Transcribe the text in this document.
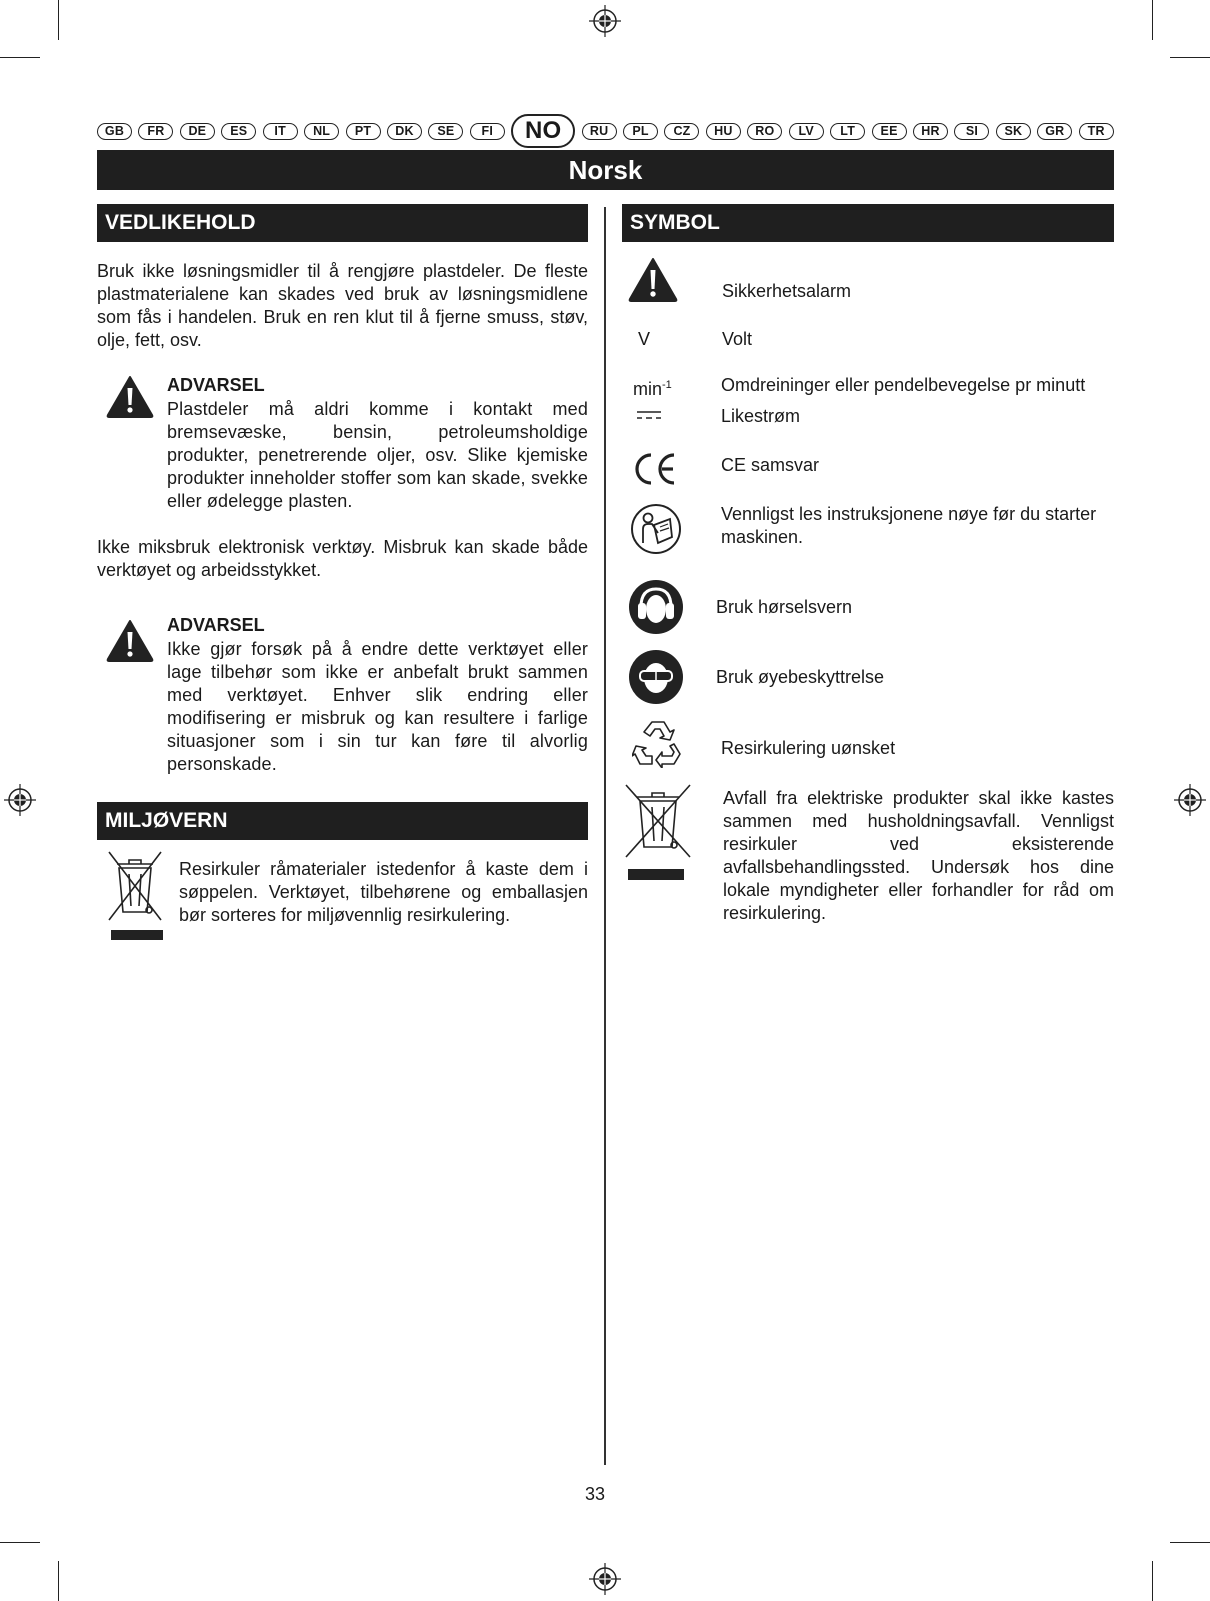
GB	FR	DE	ES	IT	NL	PT	DK	SE	FI	NO	RU	PL	CZ	HU	RO	LV	LT	EE	HR	SI	SK	GR	TR
Norsk
VEDLIKEHOLD

Bruk ikke løsningsmidler til å rengjøre plastdeler. De fleste plastmaterialene kan skades ved bruk av løsningsmidlene som fås i handelen. Bruk en ren klut til å fjerne smuss, støv, olje, fett, osv.

ADVARSEL

Plastdeler må aldri komme i kontakt med bremsevæske, bensin, petroleumsholdige produkter, penetrerende oljer, osv. Slike kjemiske produkter inneholder stoffer som kan skade, svekke eller ødelegge plasten.

Ikke miksbruk elektronisk verktøy. Misbruk kan skade både verktøyet og arbeidsstykket.

ADVARSEL

Ikke gjør forsøk på å endre dette verktøyet eller lage tilbehør som ikke er anbefalt brukt sammen med verktøyet. Enhver slik endring eller modifisering er misbruk og kan resultere i farlige situasjoner som i sin tur kan føre til alvorlig personskade.

MILJØVERN

Resirkuler råmaterialer istedenfor å kaste dem i søppelen. Verktøyet, tilbehørene og emballasjen bør sorteres for miljøvennlig resirkulering.

SYMBOL
Sikkerhetsalarm
V	Volt
$\min^{-1}$	Omdreininger eller pendelbevegelse pr minutt
Likestrøm
CE samsvar
Vennligst les instruksjonene nøye før du starter maskinen.
Bruk hørselsvern
Bruk øyebeskyttrelse
Resirkulering uønsket

Avfall fra elektriske produkter skal ikke kastes sammen med husholdningsavfall. Vennligst resirkuler ved eksisterende avfallsbehandlingssted. Undersøk hos dine lokale myndigheter eller forhandler for råd om resirkulering.

33
